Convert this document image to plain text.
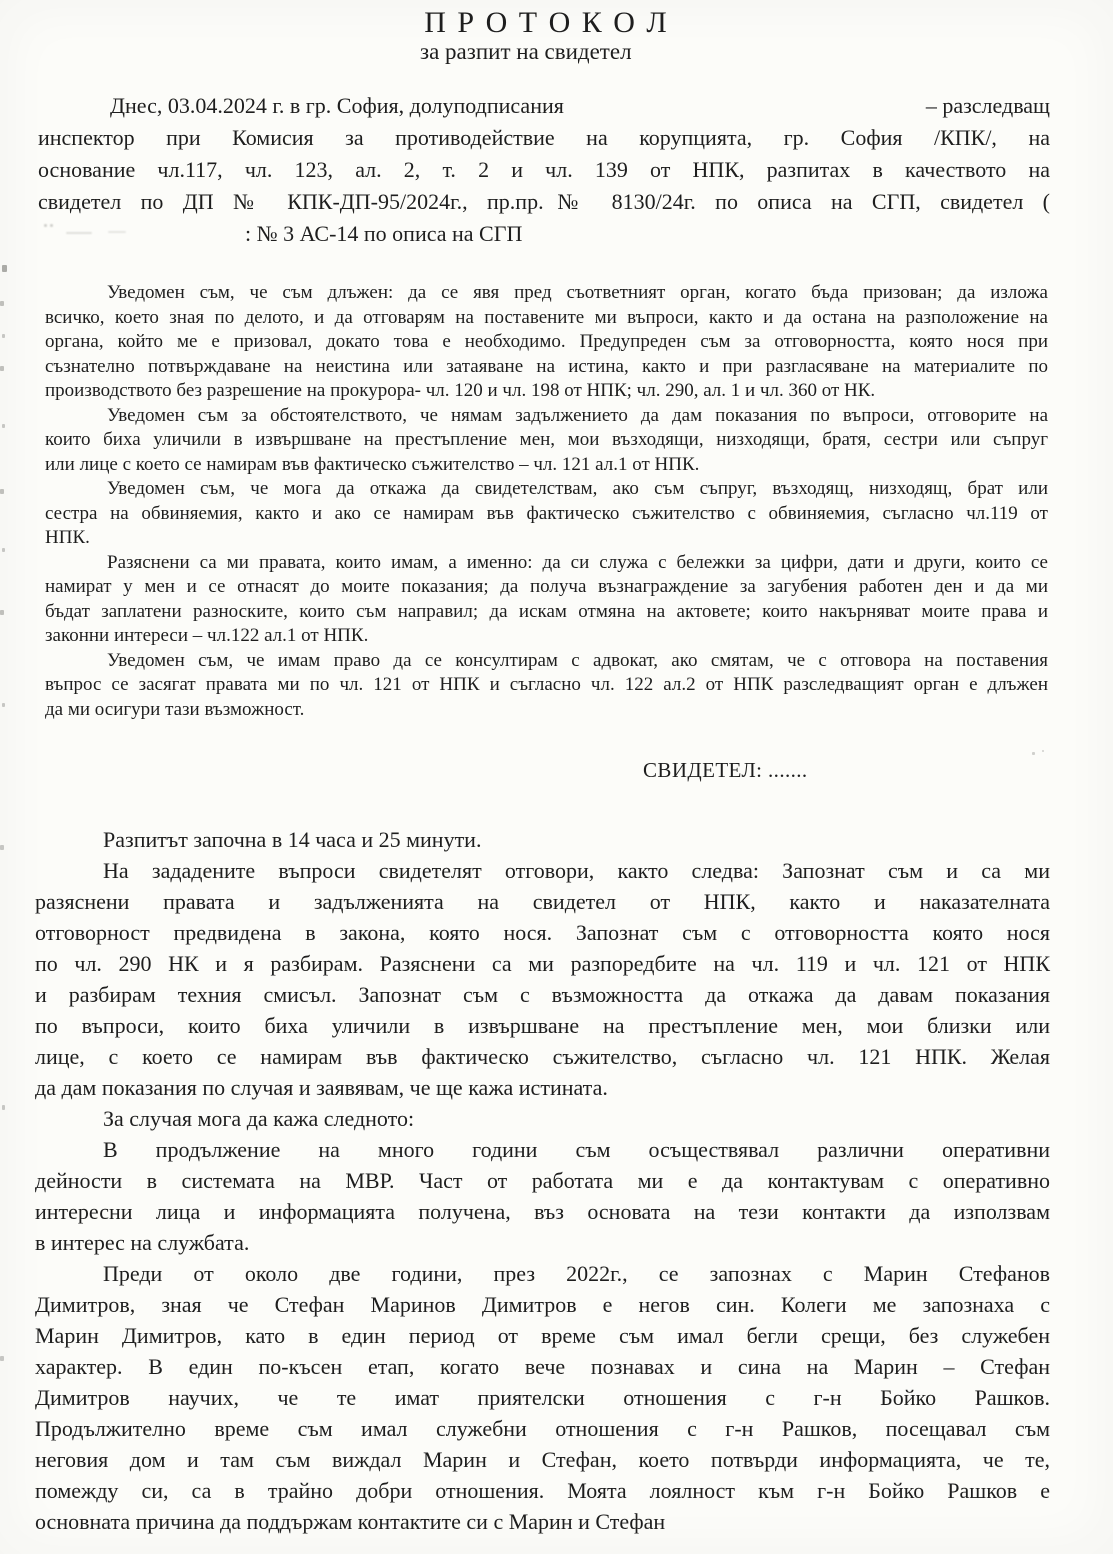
П Р О Т О К О Л
за разпит на свидетел
Днес, 03.04.2024 г. в гр. София, долуподписания	– разследващ
инспектор при Комисия за противодействие на корупцията, гр. София /КПК/, на
основание чл.117, чл. 123, ал. 2, т. 2 и чл. 139 от НПК, разпитах в качеството на
свидетел по ДП № КПК-ДП-95/2024г., пр.пр.№ 8130/24г. по описа на СГП, свидетел (
: № 3 АС-14 по описа на СГП
Уведомен съм, че съм длъжен: да се явя пред съответният орган, когато бъда призован; да изложа
всичко, което зная по делото, и да отговарям на поставените ми въпроси, както и да остана на разположение на
органа, който ме е призовал, докато това е необходимо. Предупреден съм за отговорността, която нося при
съзнателно потвърждаване на неистина или затаяване на истина, както и при разгласяване на материалите по
производството без разрешение на прокурора- чл. 120 и чл. 198 от НПК; чл. 290, ал. 1 и чл. 360 от НК.
Уведомен съм за обстоятелството, че нямам задължението да дам показания по въпроси, отговорите на
които биха уличили в извършване на престъпление мен, мои възходящи, низходящи, братя, сестри или съпруг
или лице с което се намирам във фактическо съжителство – чл. 121 ал.1 от НПК.
Уведомен съм, че мога да откажа да свидетелствам, ако съм съпруг, възходящ, низходящ, брат или
сестра на обвиняемия, както и ако се намирам във фактическо съжителство с обвиняемия, съгласно чл.119 от
НПК.
Разяснени са ми правата, които имам, а именно: да си служа с бележки за цифри, дати и други, които се
намират у мен и се отнасят до моите показания; да получа възнаграждение за загубения работен ден и да ми
бъдат заплатени разноските, които съм направил; да искам отмяна на актовете; които накърняват моите права и
законни интереси – чл.122 ал.1 от НПК.
Уведомен съм, че имам право да се консултирам с адвокат, ако смятам, че с отговора на поставения
въпрос се засягат правата ми по чл. 121 от НПК и съгласно чл. 122 ал.2 от НПК разследващият орган е длъжен
да ми осигури тази възможност.
СВИДЕТЕЛ: .......
Разпитът започна в 14 часа и 25 минути.
На зададените въпроси свидетелят отговори, както следва: Запознат съм и са ми
разяснени правата и задълженията на свидетел от НПК, както и наказателната
отговорност предвидена в закона, която нося. Запознат съм с отговорността която нося
по чл. 290 НК и я разбирам. Разяснени са ми разпоредбите на чл. 119 и чл. 121 от НПК
и разбирам техния смисъл. Запознат съм с възможността да откажа да давам показания
по въпроси, които биха уличили в извършване на престъпление мен, мои близки или
лице, с което се намирам във фактическо съжителство, съгласно чл. 121 НПК. Желая
да дам показания по случая и заявявам, че ще кажа истината.
За случая мога да кажа следното:
В продължение на много години съм осъществявал различни оперативни
дейности в системата на МВР. Част от работата ми е да контактувам с оперативно
интересни лица и информацията получена, въз основата на тези контакти да използвам
в интерес на службата.
Преди от около две години, през 2022г., се запознах с Марин Стефанов
Димитров, зная че Стефан Маринов Димитров е негов син. Колеги ме запознаха с
Марин Димитров, като в един период от време съм имал бегли срещи, без служебен
характер. В един по-късен етап, когато вече познавах и сина на Марин – Стефан
Димитров научих, че те имат приятелски отношения с г-н Бойко Рашков.
Продължително време съм имал служебни отношения с г-н Рашков, посещавал съм
неговия дом и там съм виждал Марин и Стефан, което потвърди информацията, че те,
помежду си, са в трайно добри отношения. Моята лоялност към г-н Бойко Рашков е
основната причина да поддържам контактите си с Марин и Стефан
